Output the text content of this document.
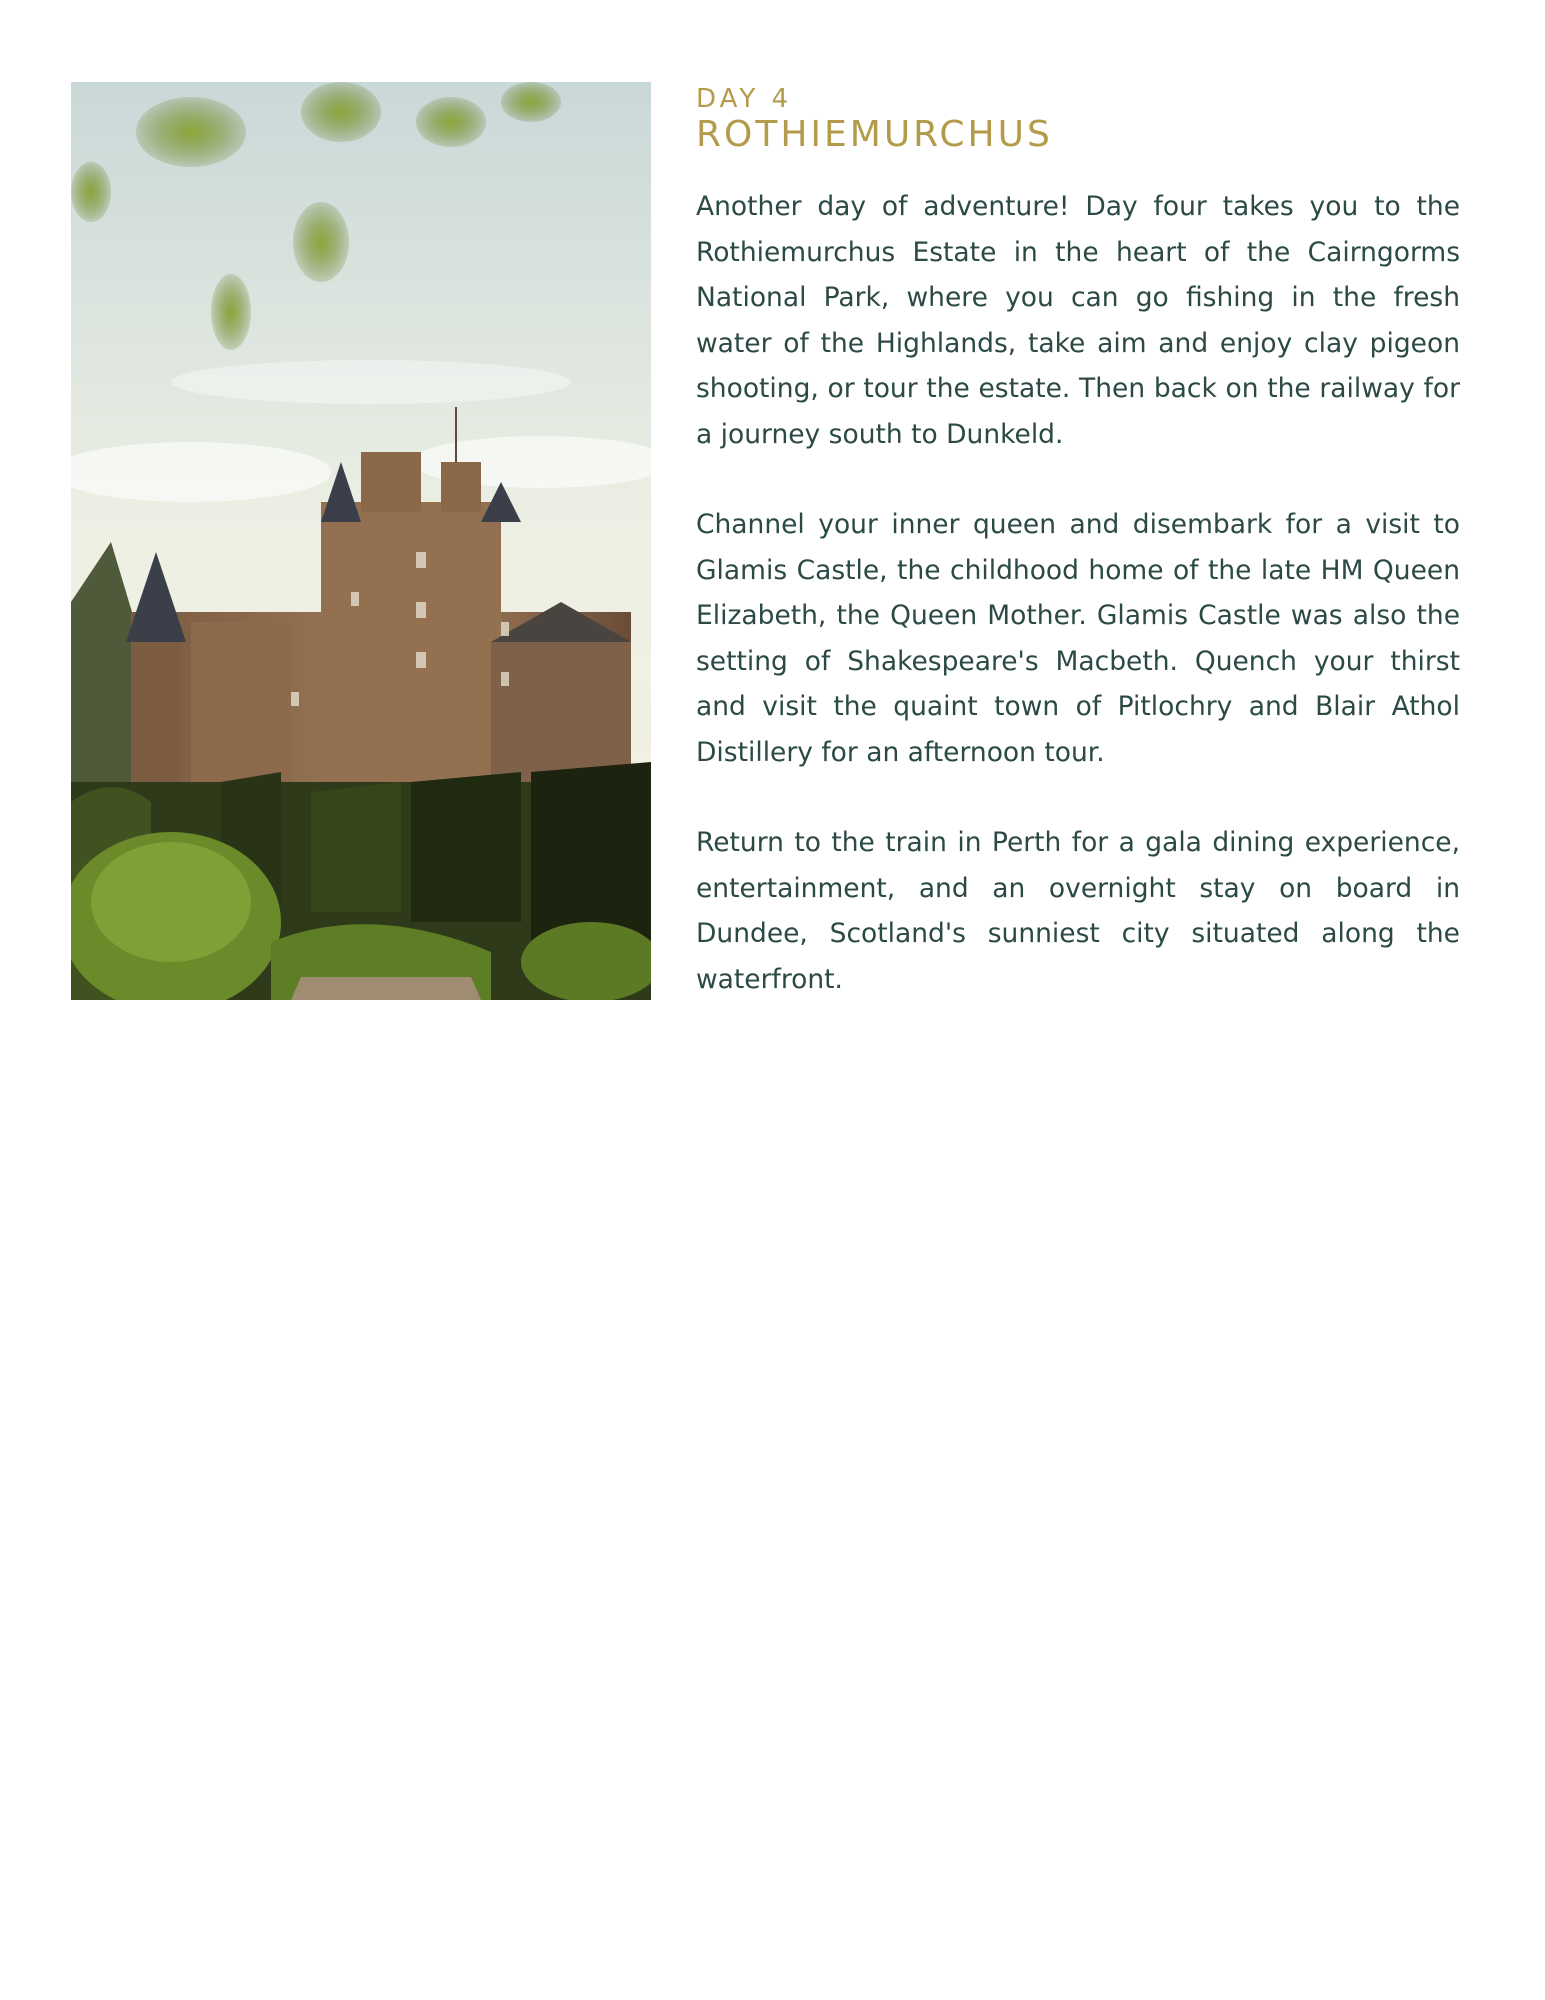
DAY 4
ROTHIEMURCHUS

Another day of adventure! Day four takes you to the Rothiemurchus Estate in the heart of the Cairngorms National Park, where you can go fishing in the fresh water of the Highlands, take aim and enjoy clay pigeon shooting, or tour the estate. Then back on the railway for a journey south to Dunkeld.

Channel your inner queen and disembark for a visit to Glamis Castle, the childhood home of the late HM Queen Elizabeth, the Queen Mother. Glamis Castle was also the setting of Shakespeare's Macbeth. Quench your thirst and visit the quaint town of Pitlochry and Blair Athol Distillery for an afternoon tour.

Return to the train in Perth for a gala dining experience, entertainment, and an overnight stay on board in Dundee, Scotland's sunniest city situated along the waterfront.
